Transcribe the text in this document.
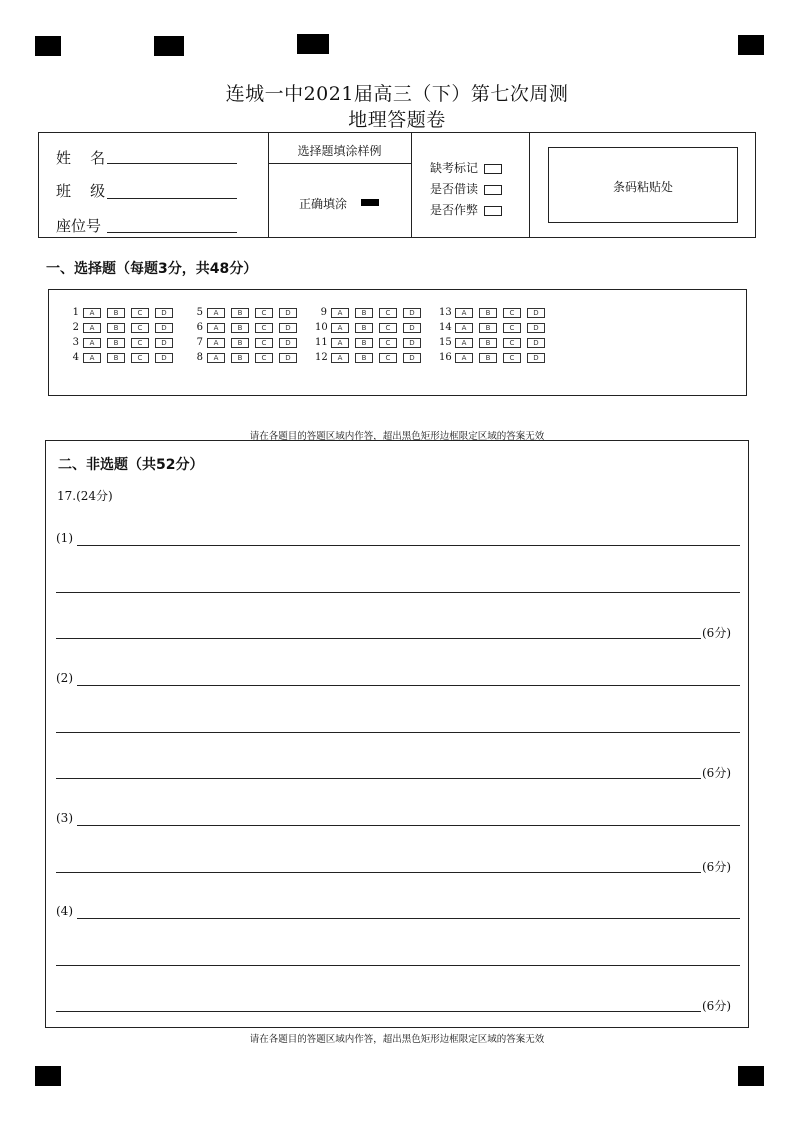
连城一中2021届高三（下）第七次周测
地理答题卷
姓    名
班    级
座位号
选择题填涂样例
正确填涂
缺考标记
是否借读
是否作弊
条码粘贴处
一、选择题（每题3分，共48分）
1 A	B	C	D	5 A	B	C	D	9 A	B	C	D	13 A	B	C	D
2 A	B	C	D	6 A	B	C	D	10 A	B	C	D	14 A	B	C	D
3 A	B	C	D	7 A	B	C	D	11 A	B	C	D	15 A	B	C	D
4 A	B	C	D	8 A	B	C	D	12 A	B	C	D	16 A	B	C	D
请在各题目的答题区域内作答，超出黑色矩形边框限定区域的答案无效
二、非选题（共52分）
17.(24分)
(1)
(6分)
(2)
(6分)
(3)
(6分)
(4)
(6分)
请在各题目的答题区域内作答，超出黑色矩形边框限定区域的答案无效
